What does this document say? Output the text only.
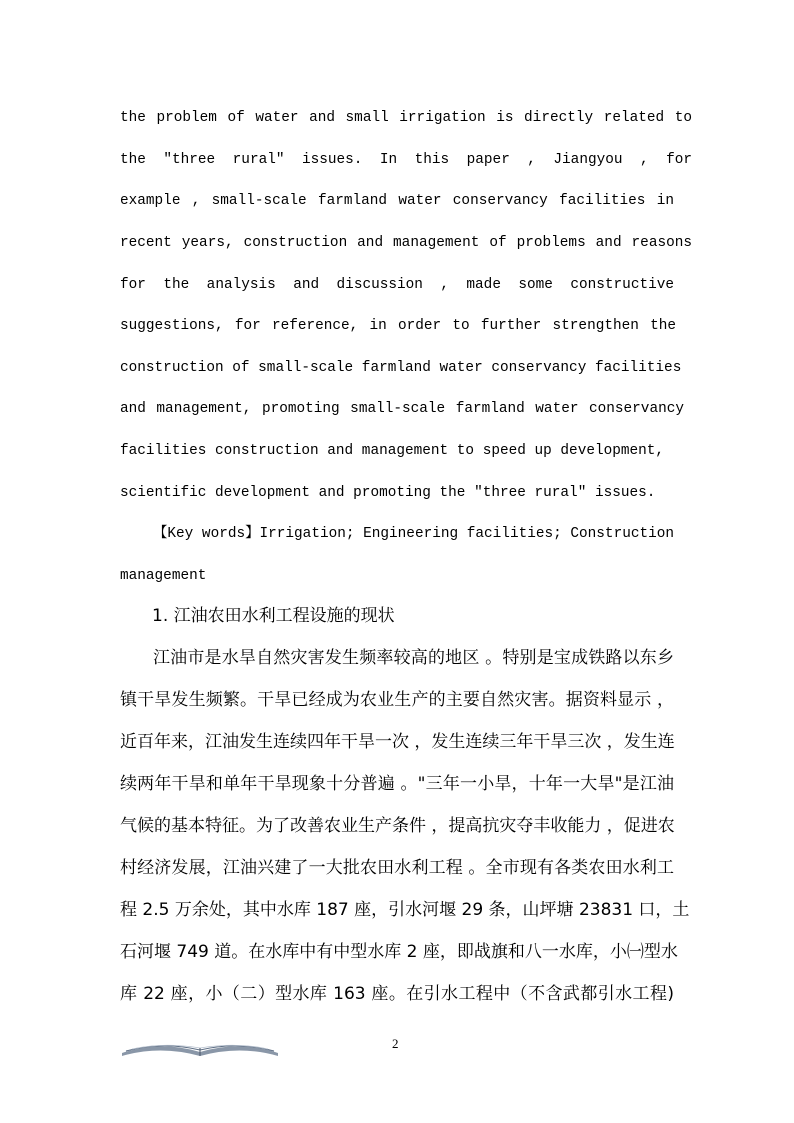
the problem of water and small irrigation is directly related to
the "three rural" issues. In this paper , Jiangyou , for
example , small-scale farmland water conservancy facilities in
recent years, construction and management of problems and reasons
for the analysis and discussion , made some constructive
suggestions, for reference, in order to further strengthen the
construction of small-scale farmland water conservancy facilities
and management, promoting small-scale farmland water conservancy
facilities construction and management to speed up development,
scientific development and promoting the "three rural" issues.
【Key words】Irrigation; Engineering facilities; Construction
management
1. 江油农田水利工程设施的现状
江油市是水旱自然灾害发生频率较高的地区 。特别是宝成铁路以东乡
镇干旱发生频繁。干旱已经成为农业生产的主要自然灾害。据资料显示 ，
近百年来，江油发生连续四年干旱一次 ，发生连续三年干旱三次 ，发生连
续两年干旱和单年干旱现象十分普遍 。"三年一小旱，十年一大旱"是江油
气候的基本特征。为了改善农业生产条件 ，提高抗灾夺丰收能力 ，促进农
村经济发展，江油兴建了一大批农田水利工程 。全市现有各类农田水利工
程 2.5 万余处，其中水库 187 座，引水河堰 29 条，山坪塘 23831 口，土
石河堰 749 道。在水库中有中型水库 2 座，即战旗和八一水库，小㈠型水
库 22 座，小（二）型水库 163 座。在引水工程中（不含武都引水工程)
2
